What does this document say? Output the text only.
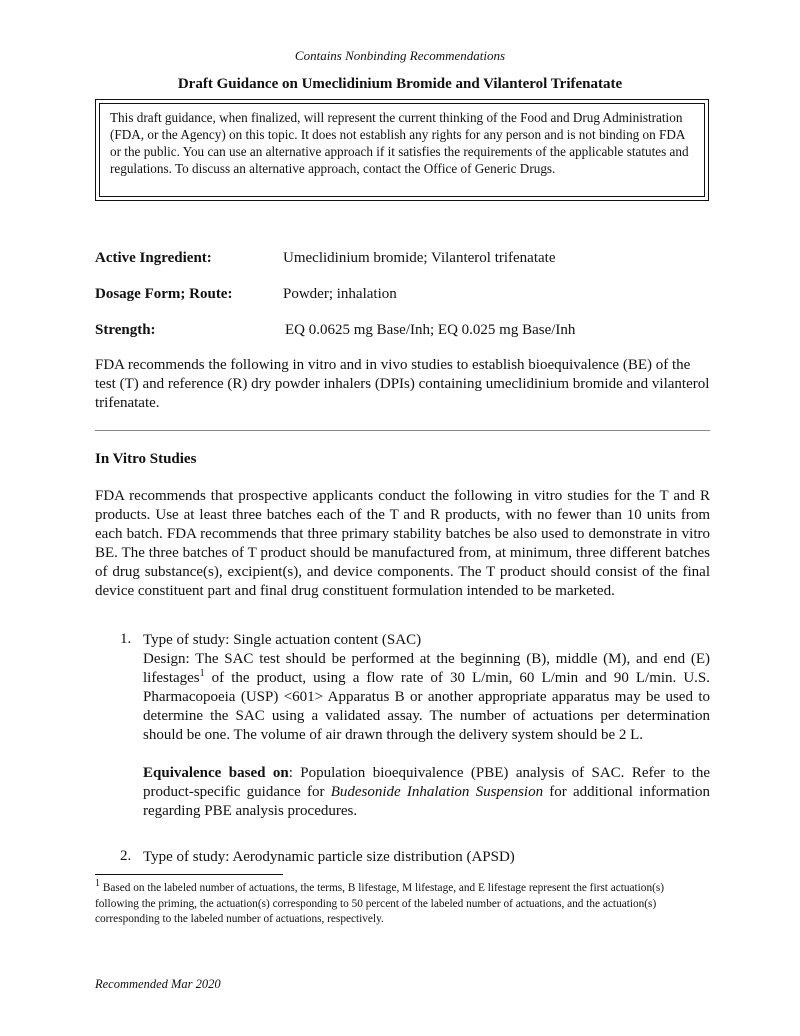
Contains Nonbinding Recommendations
Draft Guidance on Umeclidinium Bromide and Vilanterol Trifenatate
This draft guidance, when finalized, will represent the current thinking of the Food and Drug Administration (FDA, or the Agency) on this topic. It does not establish any rights for any person and is not binding on FDA or the public. You can use an alternative approach if it satisfies the requirements of the applicable statutes and regulations. To discuss an alternative approach, contact the Office of Generic Drugs.
Active Ingredient:	Umeclidinium bromide; Vilanterol trifenatate
Dosage Form; Route:	Powder; inhalation
Strength:	EQ 0.0625 mg Base/Inh; EQ 0.025 mg Base/Inh
FDA recommends the following in vitro and in vivo studies to establish bioequivalence (BE) of the test (T) and reference (R) dry powder inhalers (DPIs) containing umeclidinium bromide and vilanterol trifenatate.
In Vitro Studies
FDA recommends that prospective applicants conduct the following in vitro studies for the T and R products. Use at least three batches each of the T and R products, with no fewer than 10 units from each batch. FDA recommends that three primary stability batches be also used to demonstrate in vitro BE. The three batches of T product should be manufactured from, at minimum, three different batches of drug substance(s), excipient(s), and device components. The T product should consist of the final device constituent part and final drug constituent formulation intended to be marketed.
1. Type of study: Single actuation content (SAC)
Design: The SAC test should be performed at the beginning (B), middle (M), and end (E) lifestages$^1$ of the product, using a flow rate of 30 L/min, 60 L/min and 90 L/min. U.S. Pharmacopoeia (USP) <601> Apparatus B or another appropriate apparatus may be used to determine the SAC using a validated assay. The number of actuations per determination should be one. The volume of air drawn through the delivery system should be 2 L.
Equivalence based on: Population bioequivalence (PBE) analysis of SAC. Refer to the product-specific guidance for Budesonide Inhalation Suspension for additional information regarding PBE analysis procedures.
2. Type of study: Aerodynamic particle size distribution (APSD)
$^1$ Based on the labeled number of actuations, the terms, B lifestage, M lifestage, and E lifestage represent the first actuation(s) following the priming, the actuation(s) corresponding to 50 percent of the labeled number of actuations, and the actuation(s) corresponding to the labeled number of actuations, respectively.
Recommended Mar 2020
